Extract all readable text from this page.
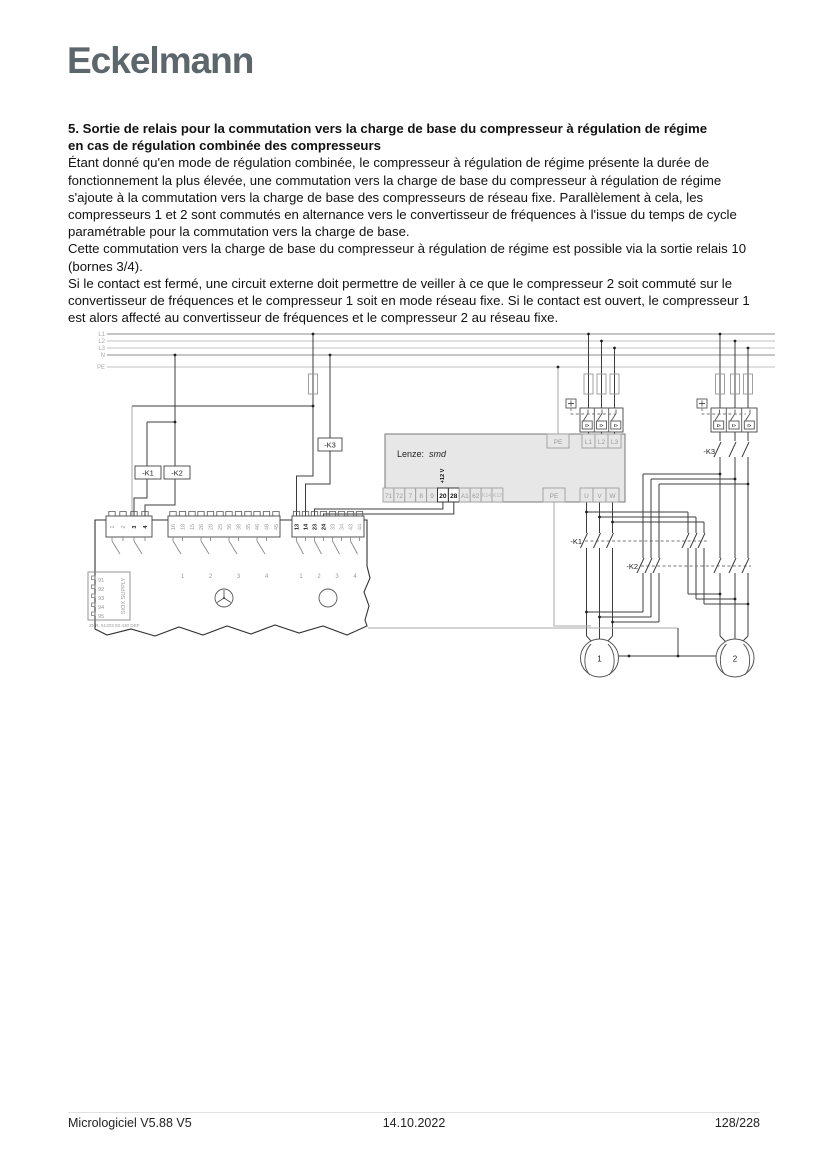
Eckelmann
5. Sortie de relais pour la commutation vers la charge de base du compresseur à régulation de régime
en cas de régulation combinée des compresseurs
Étant donné qu'en mode de régulation combinée, le compresseur à régulation de régime présente la durée de fonctionnement la plus élevée, une commutation vers la charge de base du compresseur à régulation de régime s'ajoute à la commutation vers la charge de base des compresseurs de réseau fixe. Parallèlement à cela, les compresseurs 1 et 2 sont commutés en alternance vers le convertisseur de fréquences à l'issue du temps de cycle paramétrable pour la commutation vers la charge de base.
Cette commutation vers la charge de base du compresseur à régulation de régime est possible via la sortie relais 10 (bornes 3/4).
Si le contact est fermé, une circuit externe doit permettre de veiller à ce que le compresseur 2 soit commuté sur le convertisseur de fréquences et le compresseur 1 soit en mode réseau fixe. Si le contact est ouvert, le compresseur 1 est alors affecté au convertisseur de fréquences et le compresseur 2 au réseau fixe.
L1
L2
L3
N
PE
-K1 -K2
-K3
I> I> I>	I> I> I>
-K3
-K1
-K2
Lenze: smd
+12 V
PE	L1 L2 L3
71 72 7 8 9 20 28 A1 62 K14 K12	PE	U V W
1 2 3 4	16 18 15 26 28 25 36 38 35 46 48 45
1	2	3	4
13 14 23 24 33 34 43 44
1 2 3 4
91
92
93
94
95
SIOX SUPPLY
ZNR. 51203 82 430 DEF
1	2
Micrologiciel V5.88 V5	14.10.2022	128/228
